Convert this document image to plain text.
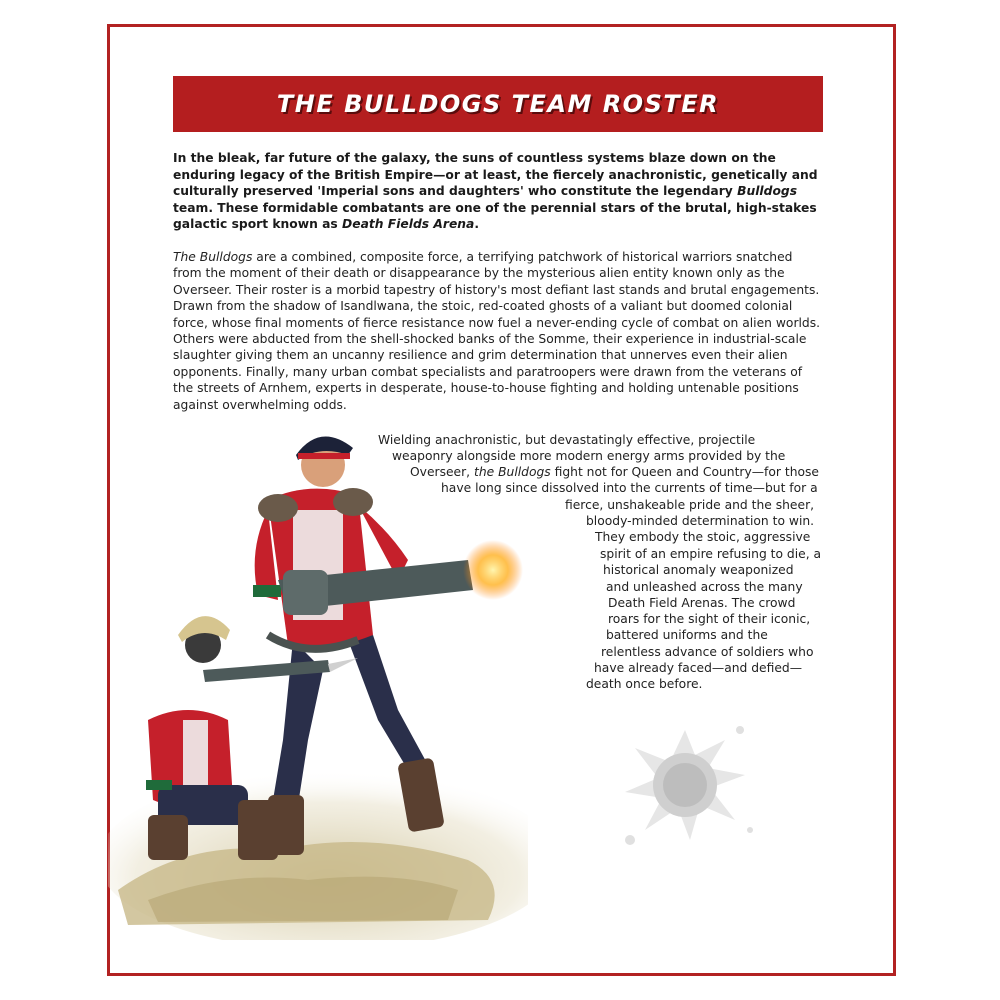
THE BULLDOGS TEAM ROSTER

In the bleak, far future of the galaxy, the suns of countless systems blaze down on the enduring legacy of the British Empire—or at least, the fiercely anachronistic, genetically and culturally preserved 'Imperial sons and daughters' who constitute the legendary Bulldogs team. These formidable combatants are one of the perennial stars of the brutal, high-stakes galactic sport known as Death Fields Arena.

The Bulldogs are a combined, composite force, a terrifying patchwork of historical warriors snatched from the moment of their death or disappearance by the mysterious alien entity known only as the Overseer. Their roster is a morbid tapestry of history's most defiant last stands and brutal engagements. Drawn from the shadow of Isandlwana, the stoic, red-coated ghosts of a valiant but doomed colonial force, whose final moments of fierce resistance now fuel a never-ending cycle of combat on alien worlds. Others were abducted from the shell-shocked banks of the Somme, their experience in industrial-scale slaughter giving them an uncanny resilience and grim determination that unnerves even their alien opponents. Finally, many urban combat specialists and paratroopers were drawn from the veterans of the streets of Arnhem, experts in desperate, house-to-house fighting and holding untenable positions against overwhelming odds.

Wielding anachronistic, but devastatingly effective, projectile
weaponry alongside more modern energy arms provided by the
Overseer, the Bulldogs fight not for Queen and Country—for those
have long since dissolved into the currents of time—but for a
fierce, unshakeable pride and the sheer,
bloody-minded determination to win.
They embody the stoic, aggressive
spirit of an empire refusing to die, a
historical anomaly weaponized
and unleashed across the many
Death Field Arenas. The crowd
roars for the sight of their iconic,
battered uniforms and the
relentless advance of soldiers who
have already faced—and defied—
death once before.
